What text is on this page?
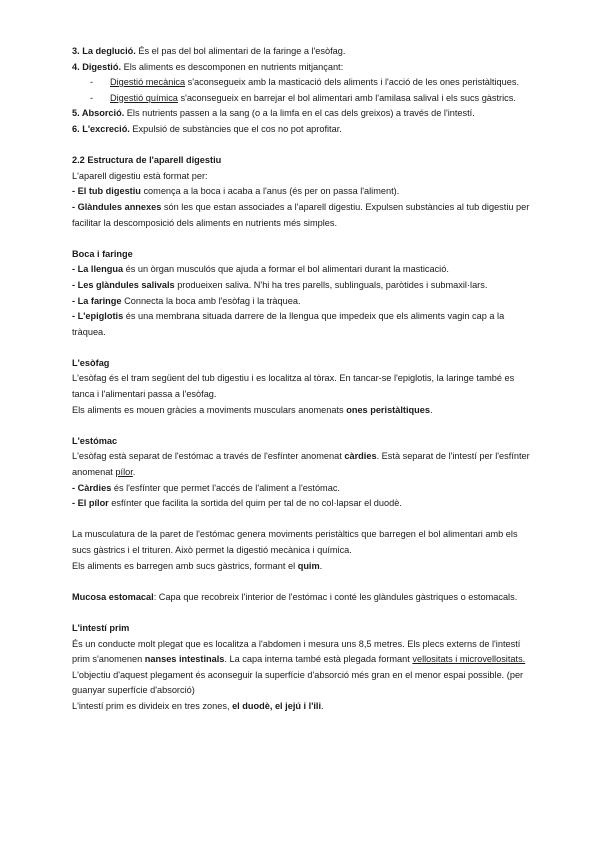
3. La deglució. És el pas del bol alimentari de la faringe a l'esòfag.

4. Digestió. Els aliments es descomponen en nutrients mitjançant:

- Digestió mecànica s'aconsegueix amb la masticació dels aliments i l'acció de les ones peristàltiques.

- Digestió química s'aconsegueix en barrejar el bol alimentari amb l'amilasa salival i els sucs gàstrics.

5. Absorció. Els nutrients passen a la sang (o a la limfa en el cas dels greixos) a través de l'intestí.

6. L'excreció. Expulsió de substàncies que el cos no pot aprofitar.

2.2 Estructura de l'aparell digestiu

L'aparell digestiu està format per:

- El tub digestiu comença a la boca i acaba a l'anus (és per on passa l'aliment).

- Glàndules annexes són les que estan associades a l'aparell digestiu. Expulsen substàncies al tub digestiu per facilitar la descomposició dels aliments en nutrients més simples.

Boca i faringe

- La llengua és un òrgan musculós que ajuda a formar el bol alimentari durant la masticació.

- Les glàndules salivals produeixen saliva. N'hi ha tres parells, sublinguals, paròtides i submaxil·lars.

- La faringe Connecta la boca amb l'esòfag i la tràquea.

- L'epiglotis és una membrana situada darrere de la llengua que impedeix que els aliments vagin cap a la tràquea.

L'esòfag

L'esòfag és el tram següent del tub digestiu i es localitza al tòrax. En tancar-se l'epiglotis, la laringe també es tanca i l'alimentari passa a l'esòfag.

Els aliments es mouen gràcies a moviments musculars anomenats ones peristàltiques.

L'estómac

L'esòfag està separat de l'estómac a través de l'esfínter anomenat càrdies. Està separat de l'intestí per l'esfínter anomenat pílor.

- Càrdies és l'esfínter que permet l'accés de l'aliment a l'estómac.

- El pílor esfínter que facilita la sortida del quim per tal de no col·lapsar el duodè.

La musculatura de la paret de l'estómac genera moviments peristàltics que barregen el bol alimentari amb els sucs gàstrics i el trituren. Això permet la digestió mecànica i química.

Els aliments es barregen amb sucs gàstrics, formant el quim.

Mucosa estomacal: Capa que recobreix l'interior de l'estómac i conté les glàndules gàstriques o estomacals.

L'intestí prim

És un conducte molt plegat que es localitza a l'abdomen i mesura uns 8,5 metres. Els plecs externs de l'intestí prim s'anomenen nanses intestinals. La capa interna també està plegada formant vellositats i microvellositats. L'objectiu d'aquest plegament és aconseguir la superfície d'absorció més gran en el menor espai possible. (per guanyar superfície d'absorció)

L'intestí prim es divideix en tres zones, el duodè, el jejú i l'ili.
